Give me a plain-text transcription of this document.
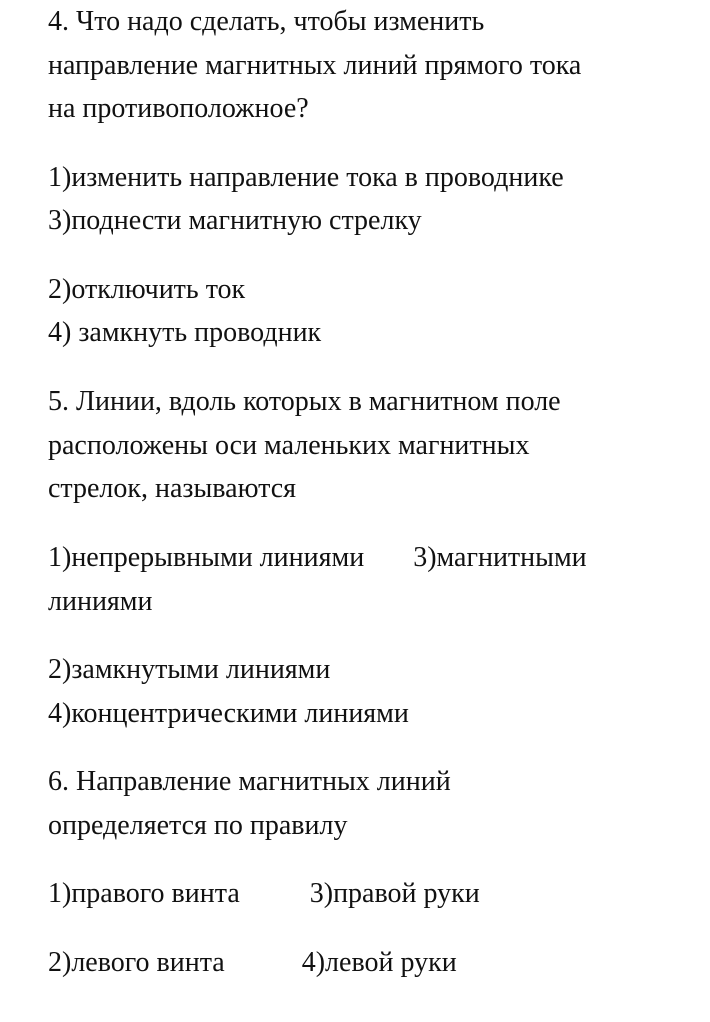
4. Что надо сделать, чтобы изменить

направление магнитных линий прямого тока

на противоположное?

1)изменить направление тока в проводнике

3)поднести магнитную стрелку

2)отключить ток

4) замкнуть проводник

5. Линии, вдоль которых в магнитном поле

расположены оси маленьких магнитных

стрелок, называются

1)непрерывными линиями       3)магнитными

линиями

2)замкнутыми линиями

4)концентрическими линиями

6. Направление магнитных линий

определяется по правилу

1)правого винта          3)правой руки

2)левого винта           4)левой руки
